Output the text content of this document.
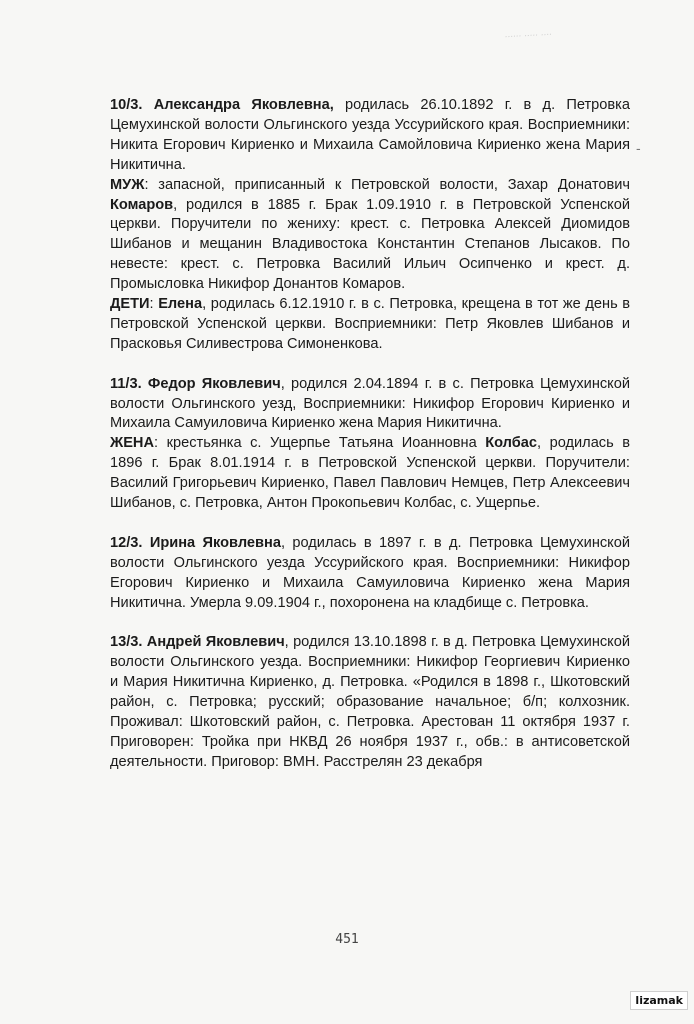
...... ..... ....
-

10/3. Александра Яковлевна, родилась 26.10.1892 г. в д. Петровка Цемухинской волости Ольгинского уезда Уссурийского края. Восприемники: Никита Егорович Кириенко и Михаила Самойловича Кириенко жена Мария Никитична.

МУЖ: запасной, приписанный к Петровской волости, Захар Донатович Комаров, родился в 1885 г. Брак 1.09.1910 г. в Петровской Успенской церкви. Поручители по жениху: крест. с. Петровка Алексей Диомидов Шибанов и мещанин Владивостока Константин Степанов Лысаков. По невесте: крест. с. Петровка Василий Ильич Осипченко и крест. д. Промысловка Никифор Донантов Комаров.

ДЕТИ: Елена, родилась 6.12.1910 г. в с. Петровка, крещена в тот же день в Петровской Успенской церкви. Восприемники: Петр Яковлев Шибанов и Прасковья Силивестрова Симоненкова.

11/3. Федор Яковлевич, родился 2.04.1894 г. в с. Петровка Цемухинской волости Ольгинского уезд, Восприемники: Никифор Егорович Кириенко и Михаила Самуиловича Кириенко жена Мария Никитична.

ЖЕНА: крестьянка с. Ущерпье Татьяна Иоанновна Колбас, родилась в 1896 г. Брак 8.01.1914 г. в Петровской Успенской церкви. Поручители: Василий Григорьевич Кириенко, Павел Павлович Немцев, Петр Алексеевич Шибанов, с. Петровка, Антон Прокопьевич Колбас, с. Ущерпье.

12/3. Ирина Яковлевна, родилась в 1897 г. в д. Петровка Цемухинской волости Ольгинского уезда Уссурийского края. Восприемники: Никифор Егорович Кириенко и Михаила Самуиловича Кириенко жена Мария Никитична. Умерла 9.09.1904 г., похоронена на кладбище с. Петровка.

13/3. Андрей Яковлевич, родился 13.10.1898 г. в д. Петровка Цемухинской волости Ольгинского уезда. Восприемники: Никифор Георгиевич Кириенко и Мария Никитична Кириенко, д. Петровка. «Родился в 1898 г., Шкотовский район, с. Петровка; русский; образование начальное; б/п; колхозник. Проживал: Шкотовский район, с. Петровка. Арестован 11 октября 1937 г. Приговорен: Тройка при НКВД 26 ноября 1937 г., обв.: в антисоветской деятельности. Приговор: ВМН. Расстрелян 23 декабря

451
lizamak
